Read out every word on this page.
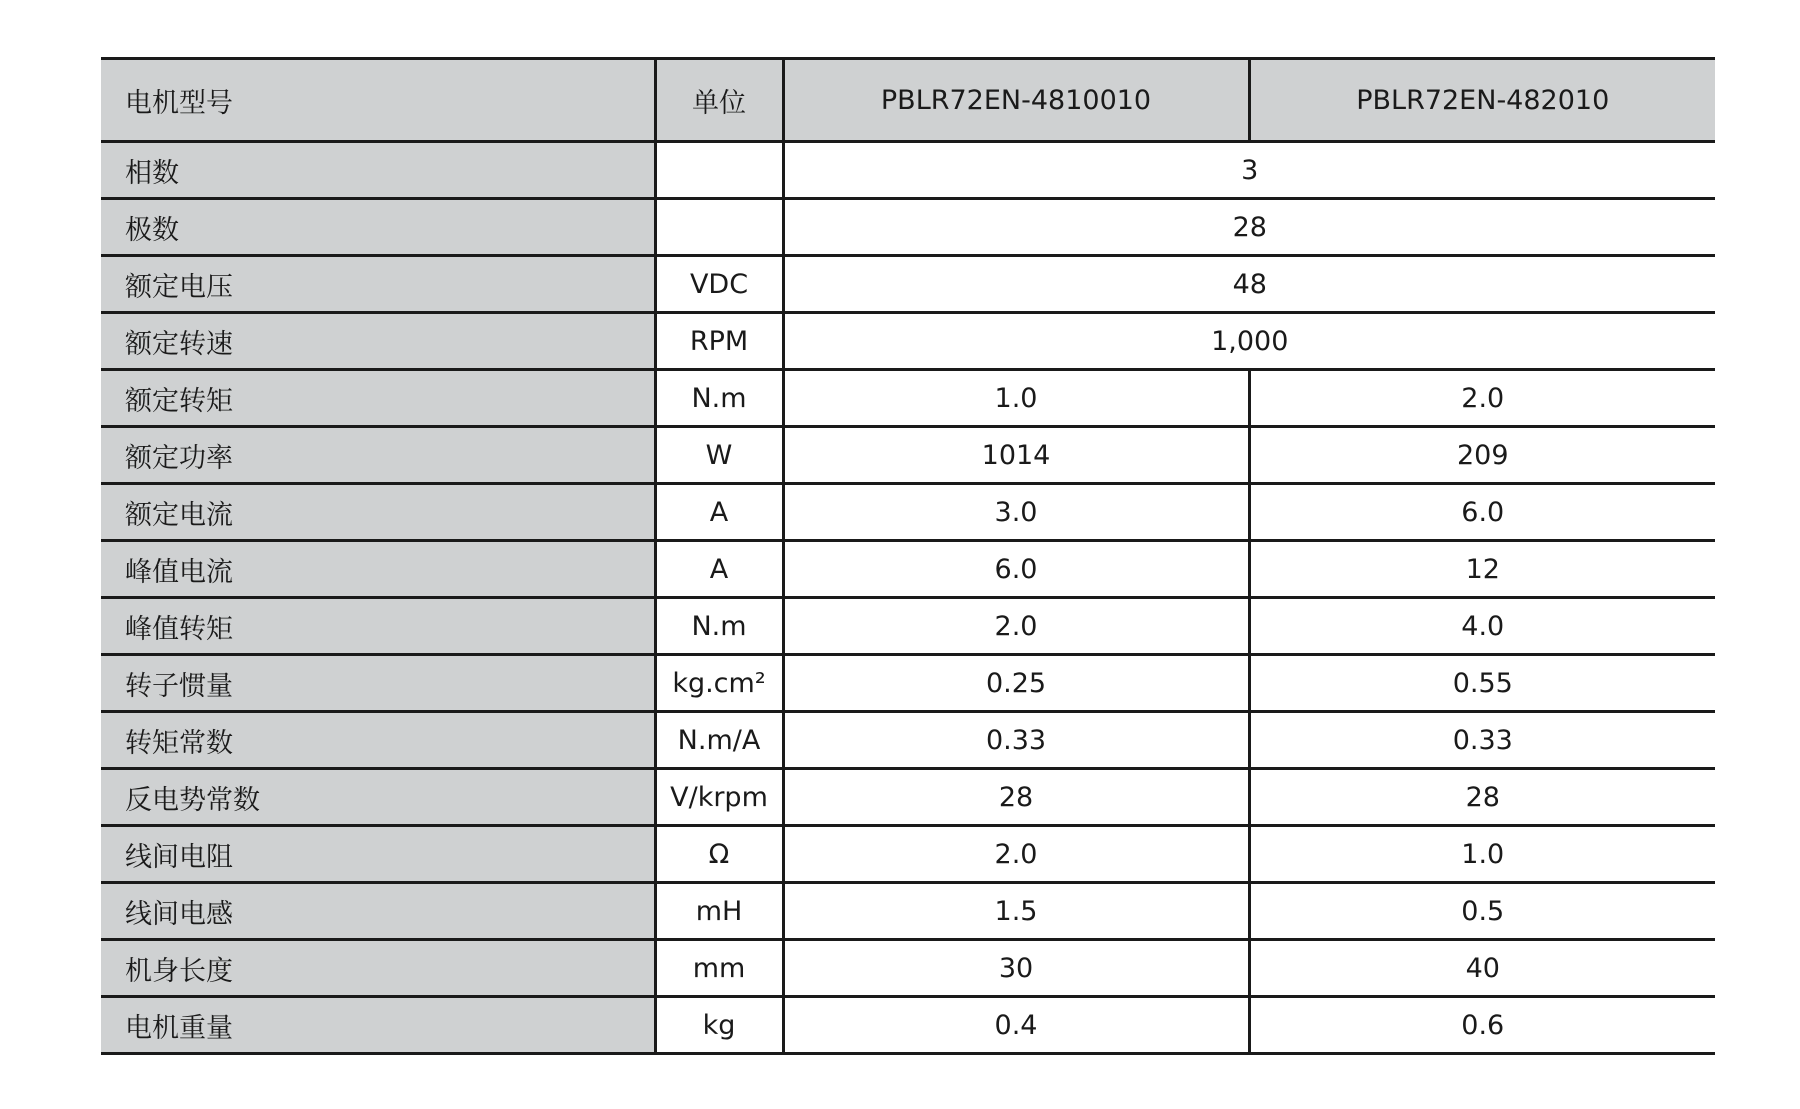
电机型号	单位	PBLR72EN-4810010	PBLR72EN-482010
相数		3	
极数		28	
额定电压	VDC	48	
额定转速	RPM	1,000	
额定转矩	N.m	1.0	2.0
额定功率	W	1014	209
额定电流	A	3.0	6.0
峰值电流	A	6.0	12
峰值转矩	N.m	2.0	4.0
转子惯量	kg.cm²	0.25	0.55
转矩常数	N.m/A	0.33	0.33
反电势常数	V/krpm	28	28
线间电阻	Ω	2.0	1.0
线间电感	mH	1.5	0.5
机身长度	mm	30	40
电机重量	kg	0.4	0.6
